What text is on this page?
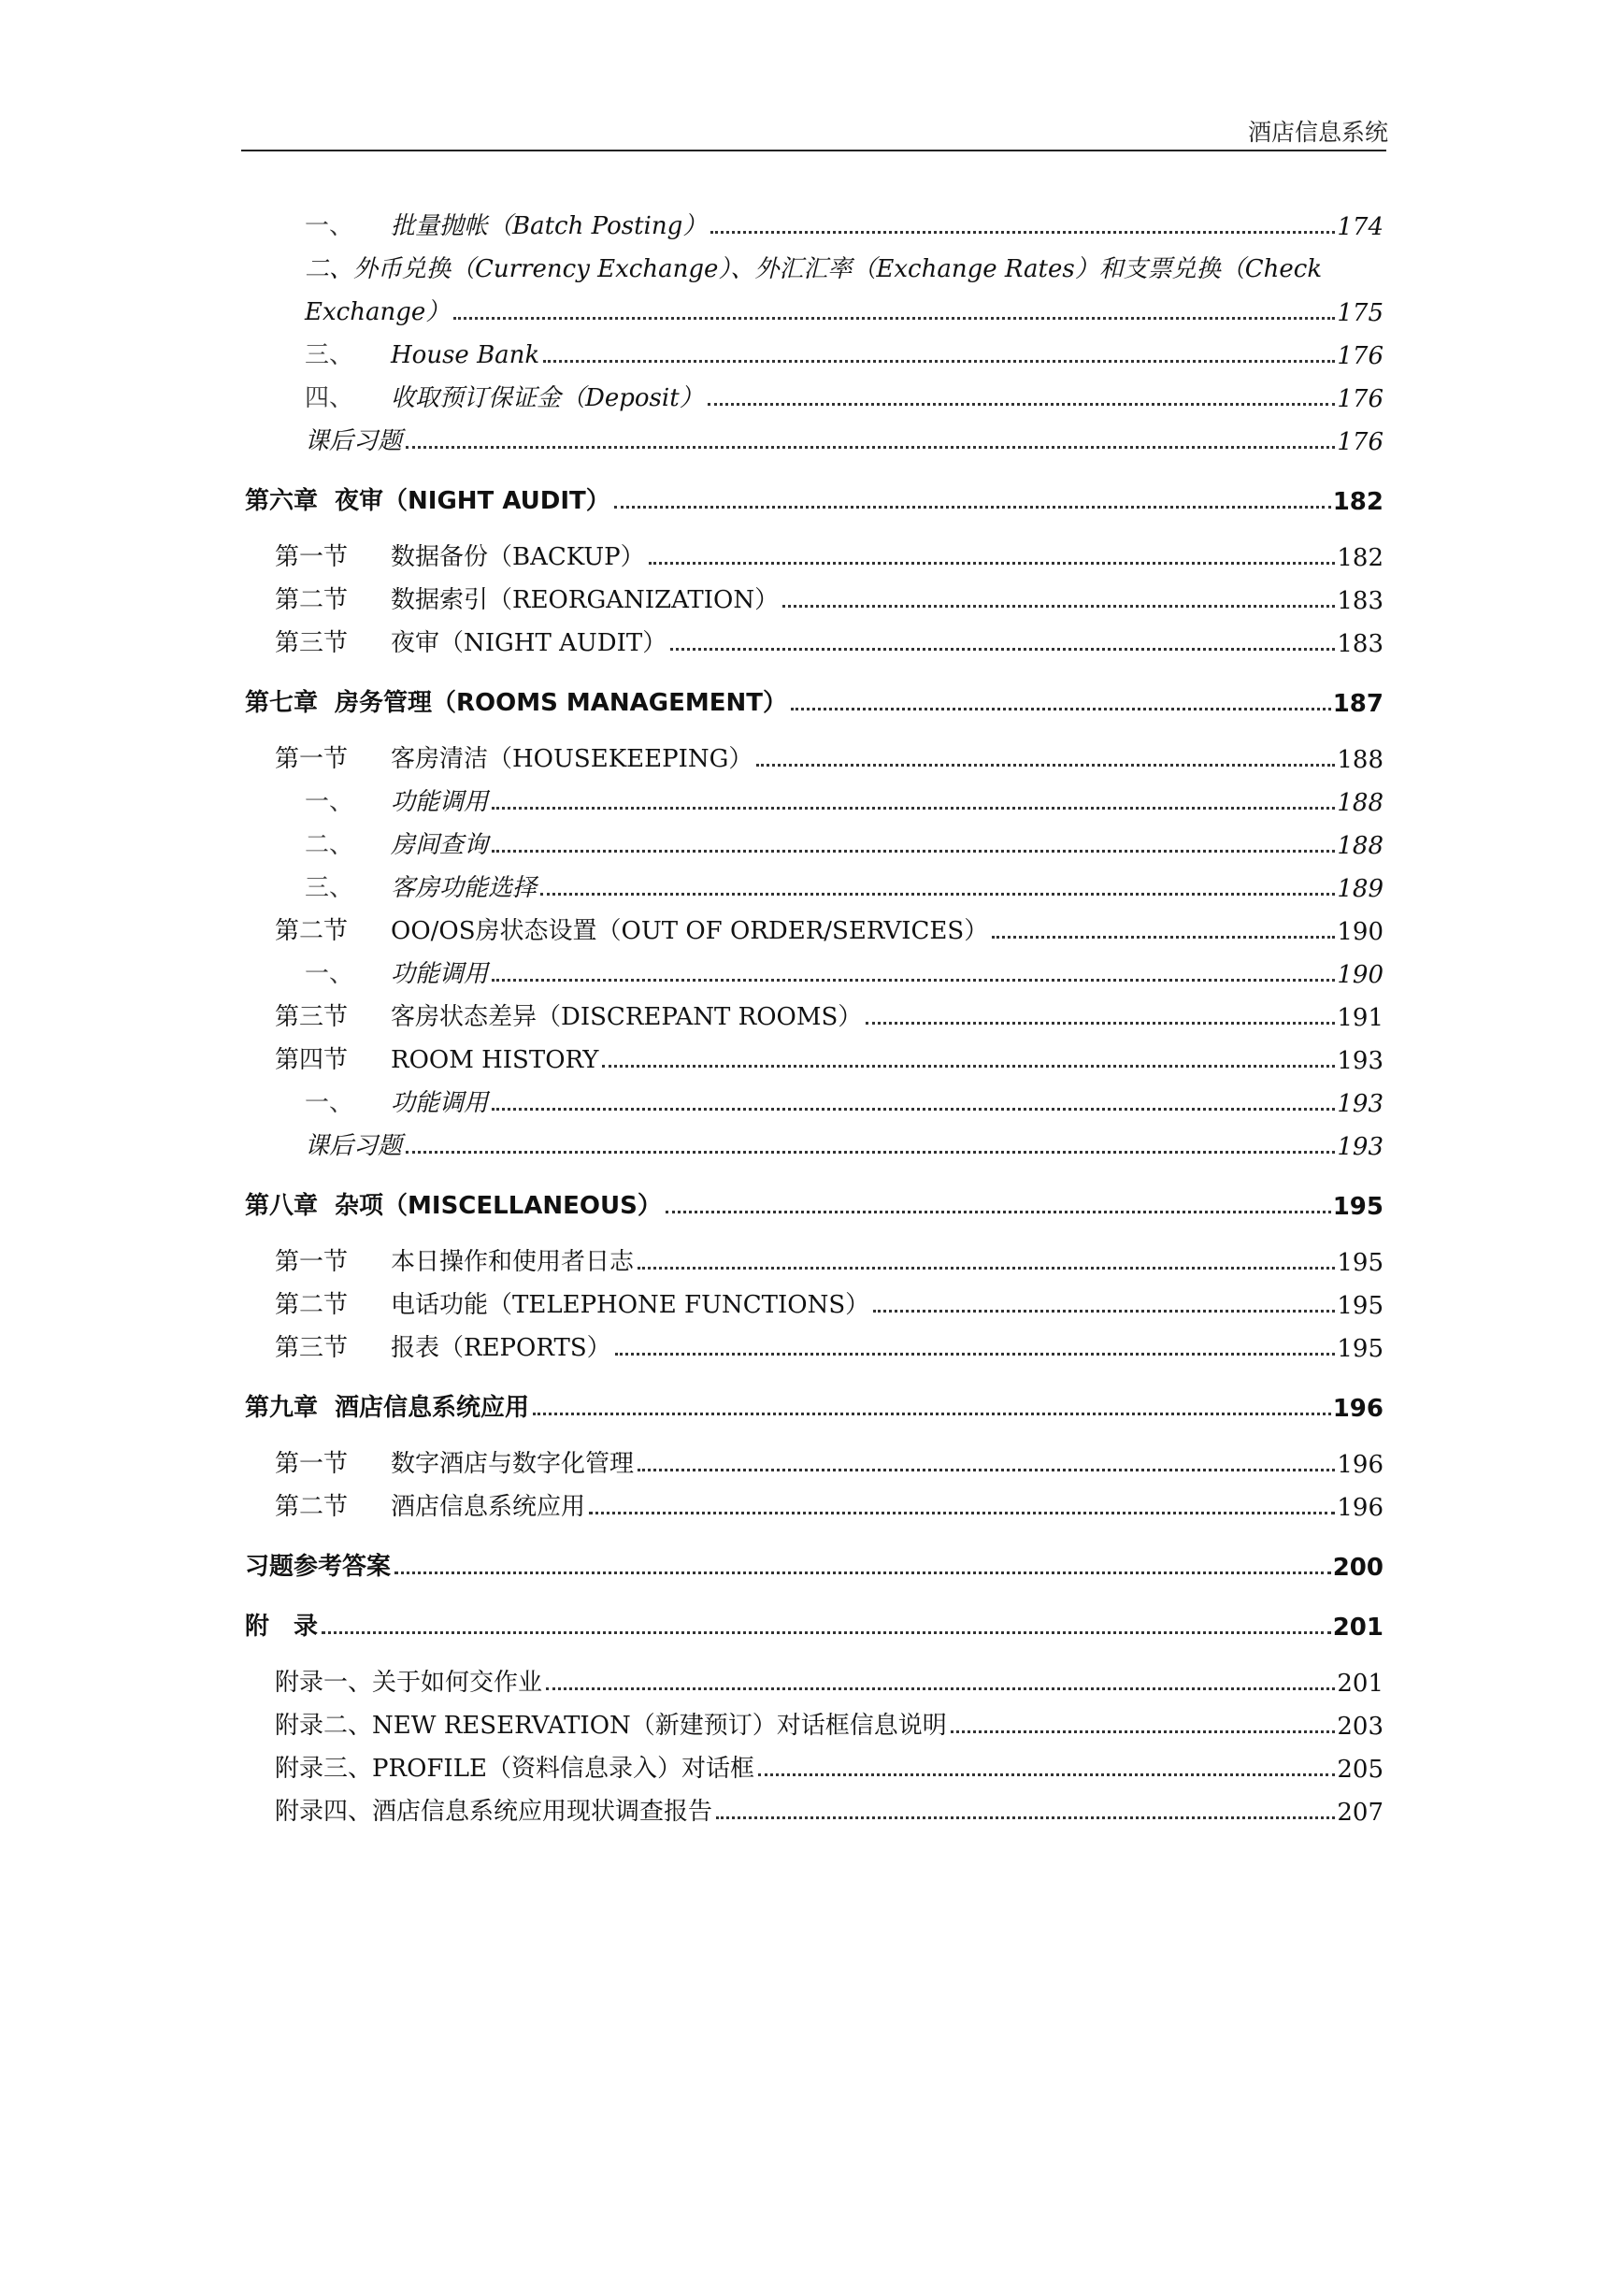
酒店信息系统
一、 批量抛帐（Batch Posting）	174
二、外币兑换（Currency Exchange）、外汇汇率（Exchange Rates）和支票兑换（Check
Exchange）	175
三、 House Bank	176
四、 收取预订保证金（Deposit）	176
课后习题	176
第六章 夜审（NIGHT AUDIT）	182
第一节 数据备份（BACKUP）	182
第二节 数据索引（REORGANIZATION）	183
第三节 夜审（NIGHT AUDIT）	183
第七章 房务管理（ROOMS MANAGEMENT）	187
第一节 客房清洁（HOUSEKEEPING）	188
一、 功能调用	188
二、 房间查询	188
三、 客房功能选择	189
第二节 OO/OS房状态设置（OUT OF ORDER/SERVICES）	190
一、 功能调用	190
第三节 客房状态差异（DISCREPANT ROOMS）	191
第四节 ROOM HISTORY	193
一、 功能调用	193
课后习题	193
第八章 杂项（MISCELLANEOUS）	195
第一节 本日操作和使用者日志	195
第二节 电话功能（TELEPHONE FUNCTIONS）	195
第三节 报表（REPORTS）	195
第九章 酒店信息系统应用	196
第一节 数字酒店与数字化管理	196
第二节 酒店信息系统应用	196
习题参考答案	200
附　录	201
附录一、关于如何交作业	201
附录二、NEW RESERVATION（新建预订）对话框信息说明	203
附录三、PROFILE（资料信息录入）对话框	205
附录四、酒店信息系统应用现状调查报告	207
